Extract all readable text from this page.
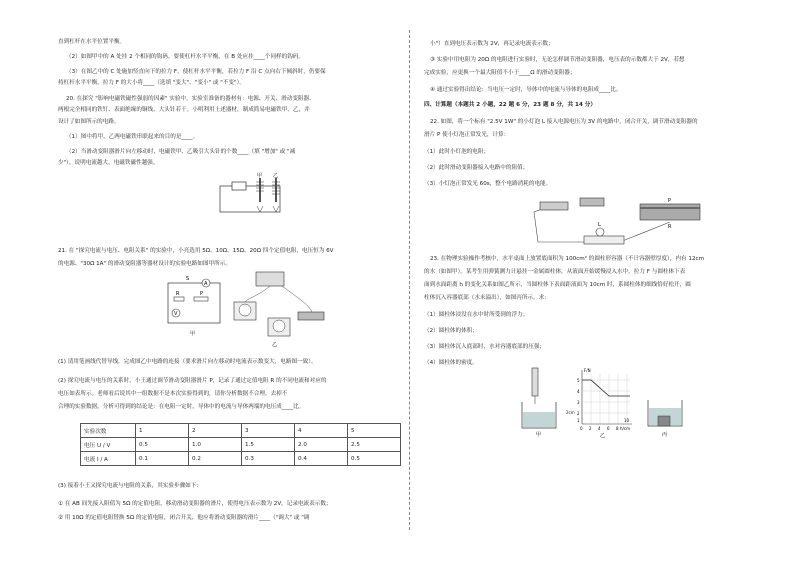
直到杠杆在水平位置平衡。
（2）如图甲中的 A 处挂 2 个相同的钩码，要使杠杆水平平衡，在 B 处应挂____个同样的钩码。
（3）在图乙中的 C 处施加竖直向下的拉力 F，使杠杆水平平衡，若拉力 F 沿 C 点向右下倾斜时，仍要保
持杠杆水平平衡，拉力 F 的大小将____（选填 "变大"、"变小" 或 "不变"）。
20. 在探究 "影响电磁铁磁性强弱的因素" 实验中，实验室准备的器材有：电源、开关、滑动变阻器、
两根完全相同的铁钉、表面绝缘的铜线、大头针若干。小明利用上述器材，制成简易电磁铁甲、乙，并
设计了如图所示的电路。
（1）图中将甲、乙两电磁铁串联起来的目的是____。
（2）当滑动变阻器滑片向左移动时，电磁铁甲、乙吸引大头针的个数____（填 "增加" 或 "减
少"），说明电流越大，电磁铁磁性越强。
21. 在 "探究电流与电压、电阻关系" 的实验中，小亮选用 5Ω、10Ω、15Ω、20Ω 四个定值电阻，电压恒为 6V
的电源、"30Ω 1A" 的滑动变阻器等器材设计的实验电路如图甲所示。
(1) 请用笔画线代替导线，完成图乙中电路的连接（要求滑片向左移动时电流表示数变大，电路图一致）。
(2) 探究电流与电压的关系时，小王通过调节滑动变阻器滑片 P，记录了通过定值电阻 R 的不同电流和对应的
电压如表所示。老师看后说其中一组数据不是本次实验得到的，请你分析数据不合理，去掉不
合理的实验数据，分析可得到的结论是：在电阻一定时，导体中的电流与导体两端的电压成____比。
(3) 接着小王又探究电流与电阻的关系，其实验步骤如下：
① 在 AB 间先接入阻值为 5Ω 的定值电阻，移动滑动变阻器的滑片，使得电压表示数为 2V，记录电流表示数；
② 用 10Ω 的定值电阻替换 5Ω 的定值电阻，闭合开关，他应将滑动变阻器的滑片____（"调大" 或 "调
甲 乙
A
S
R	P
V
甲
乙
实验次数	1	2	3	4	5
电压 U / V	0.5	1.0	1.5	2.0	2.5
电流 I / A	0.1	0.2	0.3	0.4	0.5
小"）直到电压表示数为 2V，再记录电流表示数；
③ 实验中用电阻为 20Ω 的电阻进行实验时，无论怎样调节滑动变阻器，电压表的示数都大于 2V，若想
完成实验，应更换一个最大阻值不小于____Ω 的滑动变阻器；
④ 通过实验得出结论：当电压一定时，导体中的电流与导体的电阻成____比。
四、计算题（本题共 2 小题，22 题 6 分，23 题 8 分，共 14 分）
22. 如图，将一个标有 "2.5V 1W" 的小灯泡 L 接入电源电压为 3V 的电路中，闭合开关，调节滑动变阻器的
滑片 P 使小灯泡正常发光，计算：
（1）此时小灯泡的电阻；
（2）此时滑动变阻器接入电路中的阻值；
（3）小灯泡正常发光 60s，整个电路消耗的电能。
23. 在物理实验操作考核中，水平桌面上放置底面积为 100cm² 的圆柱形容器（不计容器壁厚度），内有 12cm
的水（如图甲）。某考生用弹簧测力计悬挂一金属圆柱体，从液面开始缓慢浸入水中，拉力 F 与圆柱体下表
面到水面距离 h 的变化关系如图乙所示，当圆柱体下表面距液面为 10cm 时，系圆柱体的细线恰好松开，圆
柱体沉入容器底部（水未溢出），如图丙所示。求：
（1）圆柱体浸没在水中时所受到的浮力；
（2）圆柱体的体积；
（3）圆柱体沉入底部时，水对容器底部的压强；
（4）圆柱体的密度。
P
R
L
甲
F/N
h/cm
5
4
3
2
1
0 2 4 6 8
10
乙
2cm
丙
